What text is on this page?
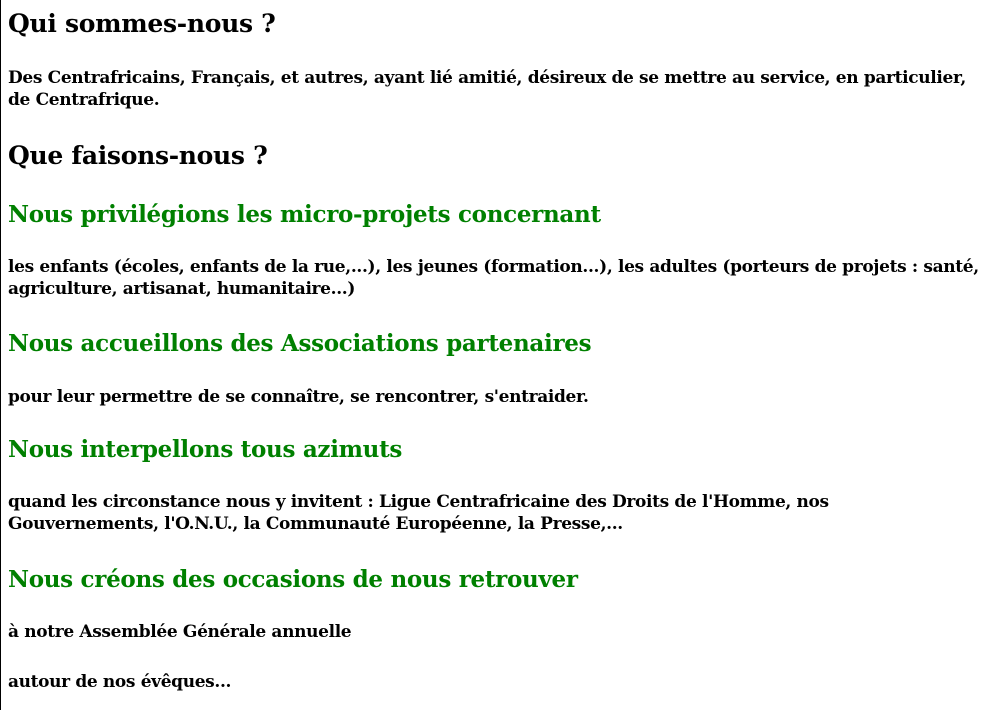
Qui sommes-nous ?

Des Centrafricains, Français, et autres, ayant lié amitié, désireux de se mettre au service, en particulier, de Centrafrique.

Que faisons-nous ?
Nous privilégions les micro-projets concernant

les enfants (écoles, enfants de la rue,...), les jeunes (formation...), les adultes (porteurs de projets : santé, agriculture, artisanat, humanitaire...)

Nous accueillons des Associations partenaires

pour leur permettre de se connaître, se rencontrer, s'entraider.

Nous interpellons tous azimuts

quand les circonstance nous y invitent : Ligue Centrafricaine des Droits de l'Homme, nos Gouvernements, l'O.N.U., la Communauté Européenne, la Presse,...

Nous créons des occasions de nous retrouver

à notre Assemblée Générale annuelle

autour de nos évêques...
